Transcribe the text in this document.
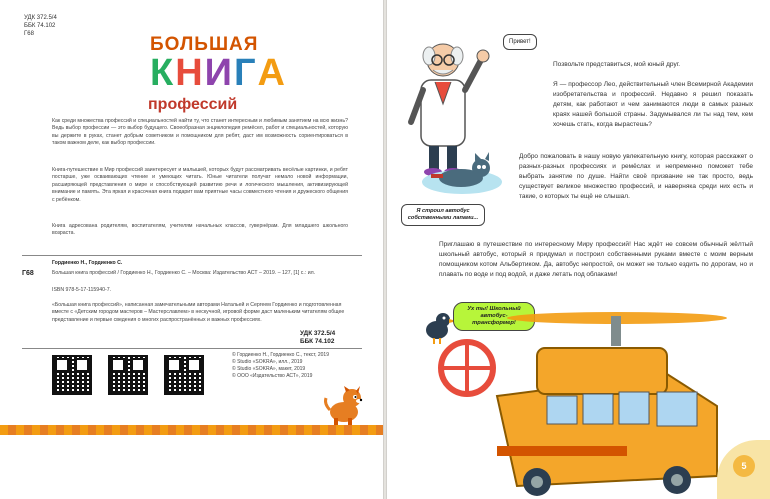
УДК 372.5/4
ББК 74.102
Г68	БОЛЬШАЯ
КНИГА
профессий
Как среди множества профессий и специальностей найти ту, что станет интересным и любимым занятием на всю жизнь? Ведь выбор профессии — это выбор будущего. Своеобразная энциклопедия ремёсел, работ и специальностей, которую вы держите в руках, станет добрым советником и помощником для ребят, даст им возможность сориентироваться в таком важном деле, как выбор профессии.
Книга-путешествие в Мир профессий заинтересует и малышей, которых будут рассматривать весёлые картинки, и ребят постарше, уже осваивающих чтение и умеющих читать. Юные читатели получат немало новой информации, расширяющей представления о мире и способствующей развитию речи и логического мышления, активизирующей внимание и память. Эта яркая и красочная книга подарит вам приятные часы совместного чтения и дружеского общения с ребёнком.
Книга адресована родителям, воспитателям, учителям начальных классов, гувернёрам. Для младшего школьного возраста.
Гордиенко Н., Гордиенко С.
Г68	Большая книга профессий / Гордиенко Н., Гордиенко С. – Москва: Издательство АСТ – 2019. – 127, [1] с.: ил.
ISBN 978-5-17-115940-7.
«Большая книга профессий», написанная замечательными авторами Натальей и Сергеем Гордиенко и подготовленная вместе с «Детским городом мастеров – Мастерславлем» в нескучной, игровой форме даст маленьким читателям общее представление и первые сведения о многих распространённых и важных профессиях.
УДК 372.5/4
ББК 74.102
© Гордиенко Н., Гордиенко С., текст, 2019
© Studio «SOKRA», илл., 2019
© Studio «SOKRA», макет, 2019
© ООО «Издательство АСТ», 2019
Привет!
Я строил автобус собственными лапами...
Позвольте представиться, мой юный друг.
Я — профессор Лео, действительный член Всемирной Академии изобретательства и профессий. Недавно я решил показать детям, как работают и чем занимаются люди в самых разных краях нашей большой страны. Задумывался ли ты над тем, кем хочешь стать, когда вырастешь?
Добро пожаловать в нашу новую увлекательную книгу, которая расскажет о разных-разных профессиях и ремёслах и непременно поможет тебе выбрать занятие по душе. Найти своё призвание не так просто, ведь существует великое множество профессий, и наверняка среди них есть и такие, о которых ты ещё не слышал.
Приглашаю в путешествие по интересному Миру профессий! Нас ждёт не совсем обычный жёлтый школьный автобус, который я придумал и построил собственными руками вместе с моим верным помощником котом Альбертиком. Да, автобус непростой, он может не только ездить по дорогам, но и плавать по воде и под водой, и даже летать под облаками!
Ух ты! Школьный автобус-трансформер!
5
